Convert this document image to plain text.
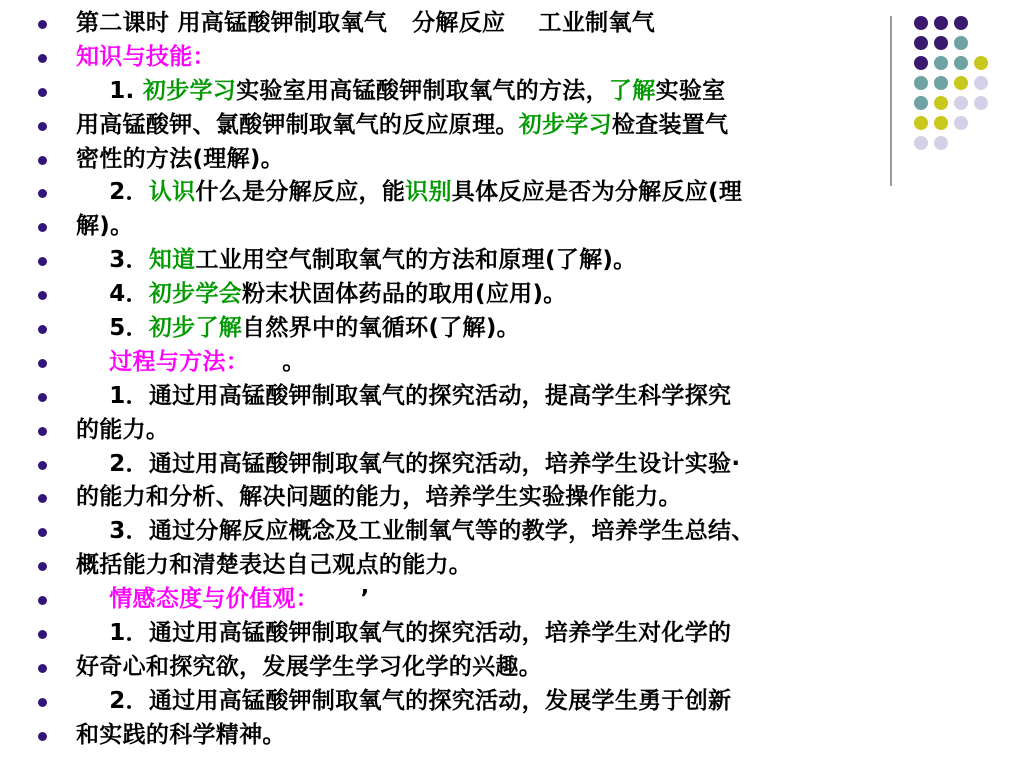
第二课时 用高锰酸钾制取氧气   分解反应    工业制氧气
知识与技能：
1. 初步学习实验室用高锰酸钾制取氧气的方法，了解实验室
用高锰酸钾、氯酸钾制取氧气的反应原理。初步学习检查装置气
密性的方法(理解)。
2．认识什么是分解反应，能识别具体反应是否为分解反应(理
解)。
3．知道工业用空气制取氧气的方法和原理(了解)。
4．初步学会粉末状固体药品的取用(应用)。
5．初步了解自然界中的氧循环(了解)。
过程与方法：    。
1．通过用高锰酸钾制取氧气的探究活动，提高学生科学探究
的能力。
2．通过用高锰酸钾制取氧气的探究活动，培养学生设计实验·
的能力和分析、解决问题的能力，培养学生实验操作能力。
3．通过分解反应概念及工业制氧气等的教学，培养学生总结、
概括能力和清楚表达自己观点的能力。
情感态度与价值观：     ’
1．通过用高锰酸钾制取氧气的探究活动，培养学生对化学的
好奇心和探究欲，发展学生学习化学的兴趣。
2．通过用高锰酸钾制取氧气的探究活动，发展学生勇于创新
和实践的科学精神。
